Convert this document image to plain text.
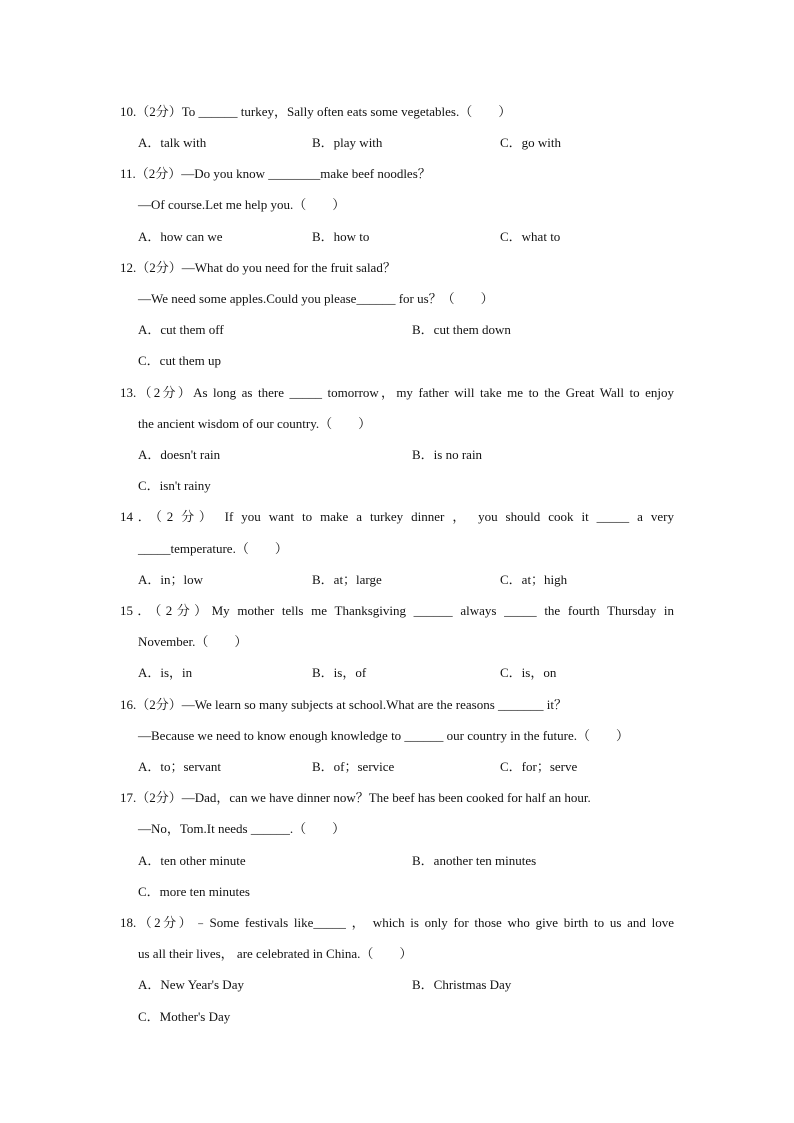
10.（2分）To ______ turkey，Sally often eats some vegetables.（　　）
A．talk with	B．play with	C．go with
11.（2分）—Do you know ________make beef noodles？
—Of course.Let me help you.（　　）
A．how can we	B．how to	C．what to
12.（2分）—What do you need for the fruit salad？
—We need some apples.Could you please______ for us？（　　）
A．cut them off	B．cut them down
C．cut them up
13.（2分）As long as there _____ tomorrow，my father will take me to the Great Wall to enjoy
the ancient wisdom of our country.（　　）
A．doesn't rain	B．is no rain
C．isn't rainy
14．（2 分） If you want to make a turkey dinner ， you should cook it _____ a very
_____temperature.（　　）
A．in；low	B．at；large	C．at；high
15．（2分）My mother tells me Thanksgiving ______ always _____ the fourth Thursday in
November.（　　）
A．is，in	B．is，of	C．is，on
16.（2分）—We learn so many subjects at school.What are the reasons _______ it？
—Because we need to know enough knowledge to ______ our country in the future.（　　）
A．to；servant	B．of；service	C．for；serve
17.（2分）—Dad，can we have dinner now？The beef has been cooked for half an hour.
—No，Tom.It needs ______.（　　）
A．ten other minute	B．another ten minutes
C．more ten minutes
18.（2分）﹣Some festivals like_____ ， which is only for those who give birth to us and love
us all their lives， are celebrated in China.（　　）
A．New Year's Day	B．Christmas Day
C．Mother's Day
